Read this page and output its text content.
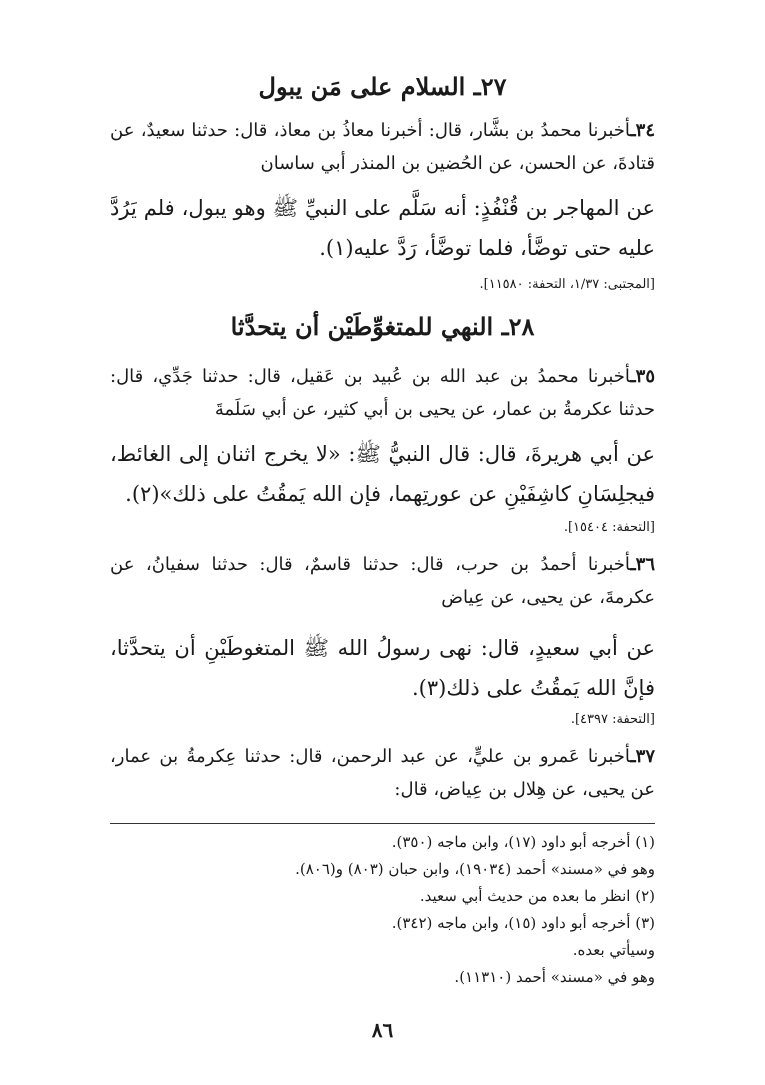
٢٧ـ السلام على مَن يبول

٣٤ـأخبرنا محمدُ بن بشَّار، قال: أخبرنا معاذُ بن معاذ، قال: حدثنا سعيدٌ، عن قتادةَ، عن الحسن، عن الحُضين بن المنذر أبي ساسان

عن المهاجر بن قُنْفُذٍ: أنه سَلَّم على النبيِّ ﷺ وهو يبول، فلم يَرُدَّ عليه حتى توضَّأ، فلما توضَّأ، رَدَّ عليه(١).

[المجتبى: ١/٣٧، التحفة: ١١٥٨٠].

٢٨ـ النهي للمتغوِّطَيْن أن يتحدَّثا

٣٥ـأخبرنا محمدُ بن عبد الله بن عُبيد بن عَقيل، قال: حدثنا جَدِّي، قال: حدثنا عكرمةُ بن عمار، عن يحيى بن أبي كثير، عن أبي سَلَمةَ

عن أبي هريرةَ، قال: قال النبيُّ ﷺ: «لا يخرج اثنان إلى الغائط، فيجلِسَانِ كاشِفَيْنِ عن عورتِهما، فإن الله يَمقُتُ على ذلك»(٢).

[التحفة: ١٥٤٠٤].

٣٦ـأخبرنا أحمدُ بن حرب، قال: حدثنا قاسمٌ، قال: حدثنا سفيانُ، عن عكرمةَ، عن يحيى، عن عِياض

عن أبي سعيدٍ، قال: نهى رسولُ الله ﷺ المتغوطَيْنِ أن يتحدَّثا، فإنَّ الله يَمقُتُ على ذلك(٣).

[التحفة: ٤٣٩٧].

٣٧ـأخبرنا عَمرو بن عليٍّ، عن عبد الرحمن، قال: حدثنا عِكرمةُ بن عمار، عن يحيى، عن هِلال بن عِياض، قال:

(١) أخرجه أبو داود (١٧)، وابن ماجه (٣٥٠).

وهو في «مسند» أحمد (١٩٠٣٤)، وابن حبان (٨٠٣) و(٨٠٦).

(٢) انظر ما بعده من حديث أبي سعيد.

(٣) أخرجه أبو داود (١٥)، وابن ماجه (٣٤٢).

وسيأتي بعده.

وهو في «مسند» أحمد (١١٣١٠).

٨٦
